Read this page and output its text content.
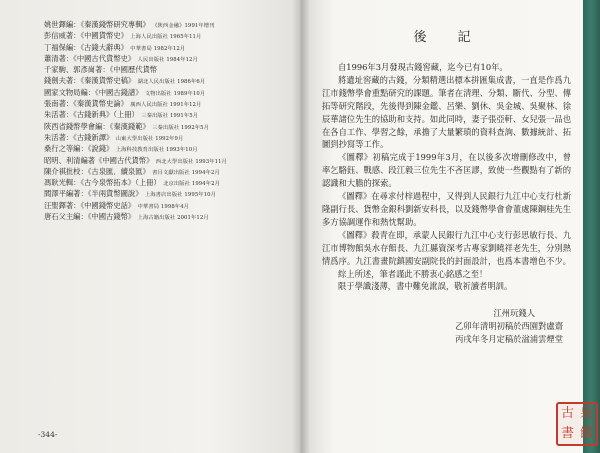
姚世鐸編：《秦漢錢幣研究專輯》 《陝西金融》1991年增刊
彭信威著：《中國貨幣史》 上海人民出版社 1965年11月
丁福保編：《古錢大辭典》 中華書局 1982年12月
蕭清著：《中國古代貨幣史》 人民出版社 1984年12月
千家駒、郭彥崗著：《中國歷代貨幣
錢劍夫著：《秦漢貨幣史稿》 湖北人民出版社 1986年6月
國家文物局編：《中國古錢譜》 文物出版社 1989年10月
張南著：《秦漢貨幣史論》 廣西人民出版社 1991年12月
朱活著：《古錢新典》（上冊） 三秦出版社 1991年5月
陝西省錢幣學會編：《秦漢錢範》 三秦出版社 1992年5月
朱活著：《古錢新譚》 山東大學出版社 1992年9月
桑行之等編：《說錢》 上海科技教育出版社 1993年10月
昭明、利清編著《中國古代貨幣》 西北大學出版社 1993年11月
陳介祺批校：《古泉匯．續泉匯》 書目文獻出版社 1994年2月
馮耿光輯：《古今泉幣拓本》（上冊） 北京出版社 1994年2月
閻澤平編著：《半兩貨幣圖說》 上海書店出版社 1995年10月
汪聖鐸著：《中國錢幣史話》 中華書局 1998年4月
唐石父主編：《中國古錢幣》 上海古籍出版社 2001年12月
-344-
後　記

自1996年3月發現古錢窖藏，迄今已有10年。

將遺址窖藏的古錢，分類精選出標本拼匯集成書，一直是作爲九江市錢幣學會重點研究的課題。筆者在清理、分類、斷代、分型、傳拓等研究階段，先後得到陳金鑑、呂樂、劉休、吳金城、吳聚林、徐辰華諸位先生的協助和支持。如此同時，妻子張亞軒、女兒張一品也在各自工作、學習之餘，承擔了大量繁瑣的資料查詢、數據統計、拓圖到抄寫等工作。

《圖釋》初稿完成于1999年3月，在以後多次增刪修改中，曾率乞駱鈺、戰感、段江毅三位先生不吝匡謬，致使一些觀點有了新的認識和大膽的探索。

《圖釋》在尋求付梓過程中，又得到人民銀行九江中心支行杜新隆副行長、貨幣金銀科劉新安科長，以及錢幣學會會董處陳鋼桂先生多方協調運作和熱忱幫助。

《圖釋》殺青在即，承蒙人民銀行九江中心支行彭思敏行長、九江市博物館吳水存館長、九江縣資深考古專家劉曉祥老先生，分別熱情爲序。九江書畫院鎮國安副院長的封面設計，也爲本書增色不少。

綜上所述，筆者謹此不勝衷心銘感之至！

限于學識淺薄，書中難免訛誤，敬祈讀者明訓。

江州玩錢人

乙卯年清明初稿於西園對盧齋

丙戌年冬月定稿於湓浦雲煙堂

古 泉
書 館
